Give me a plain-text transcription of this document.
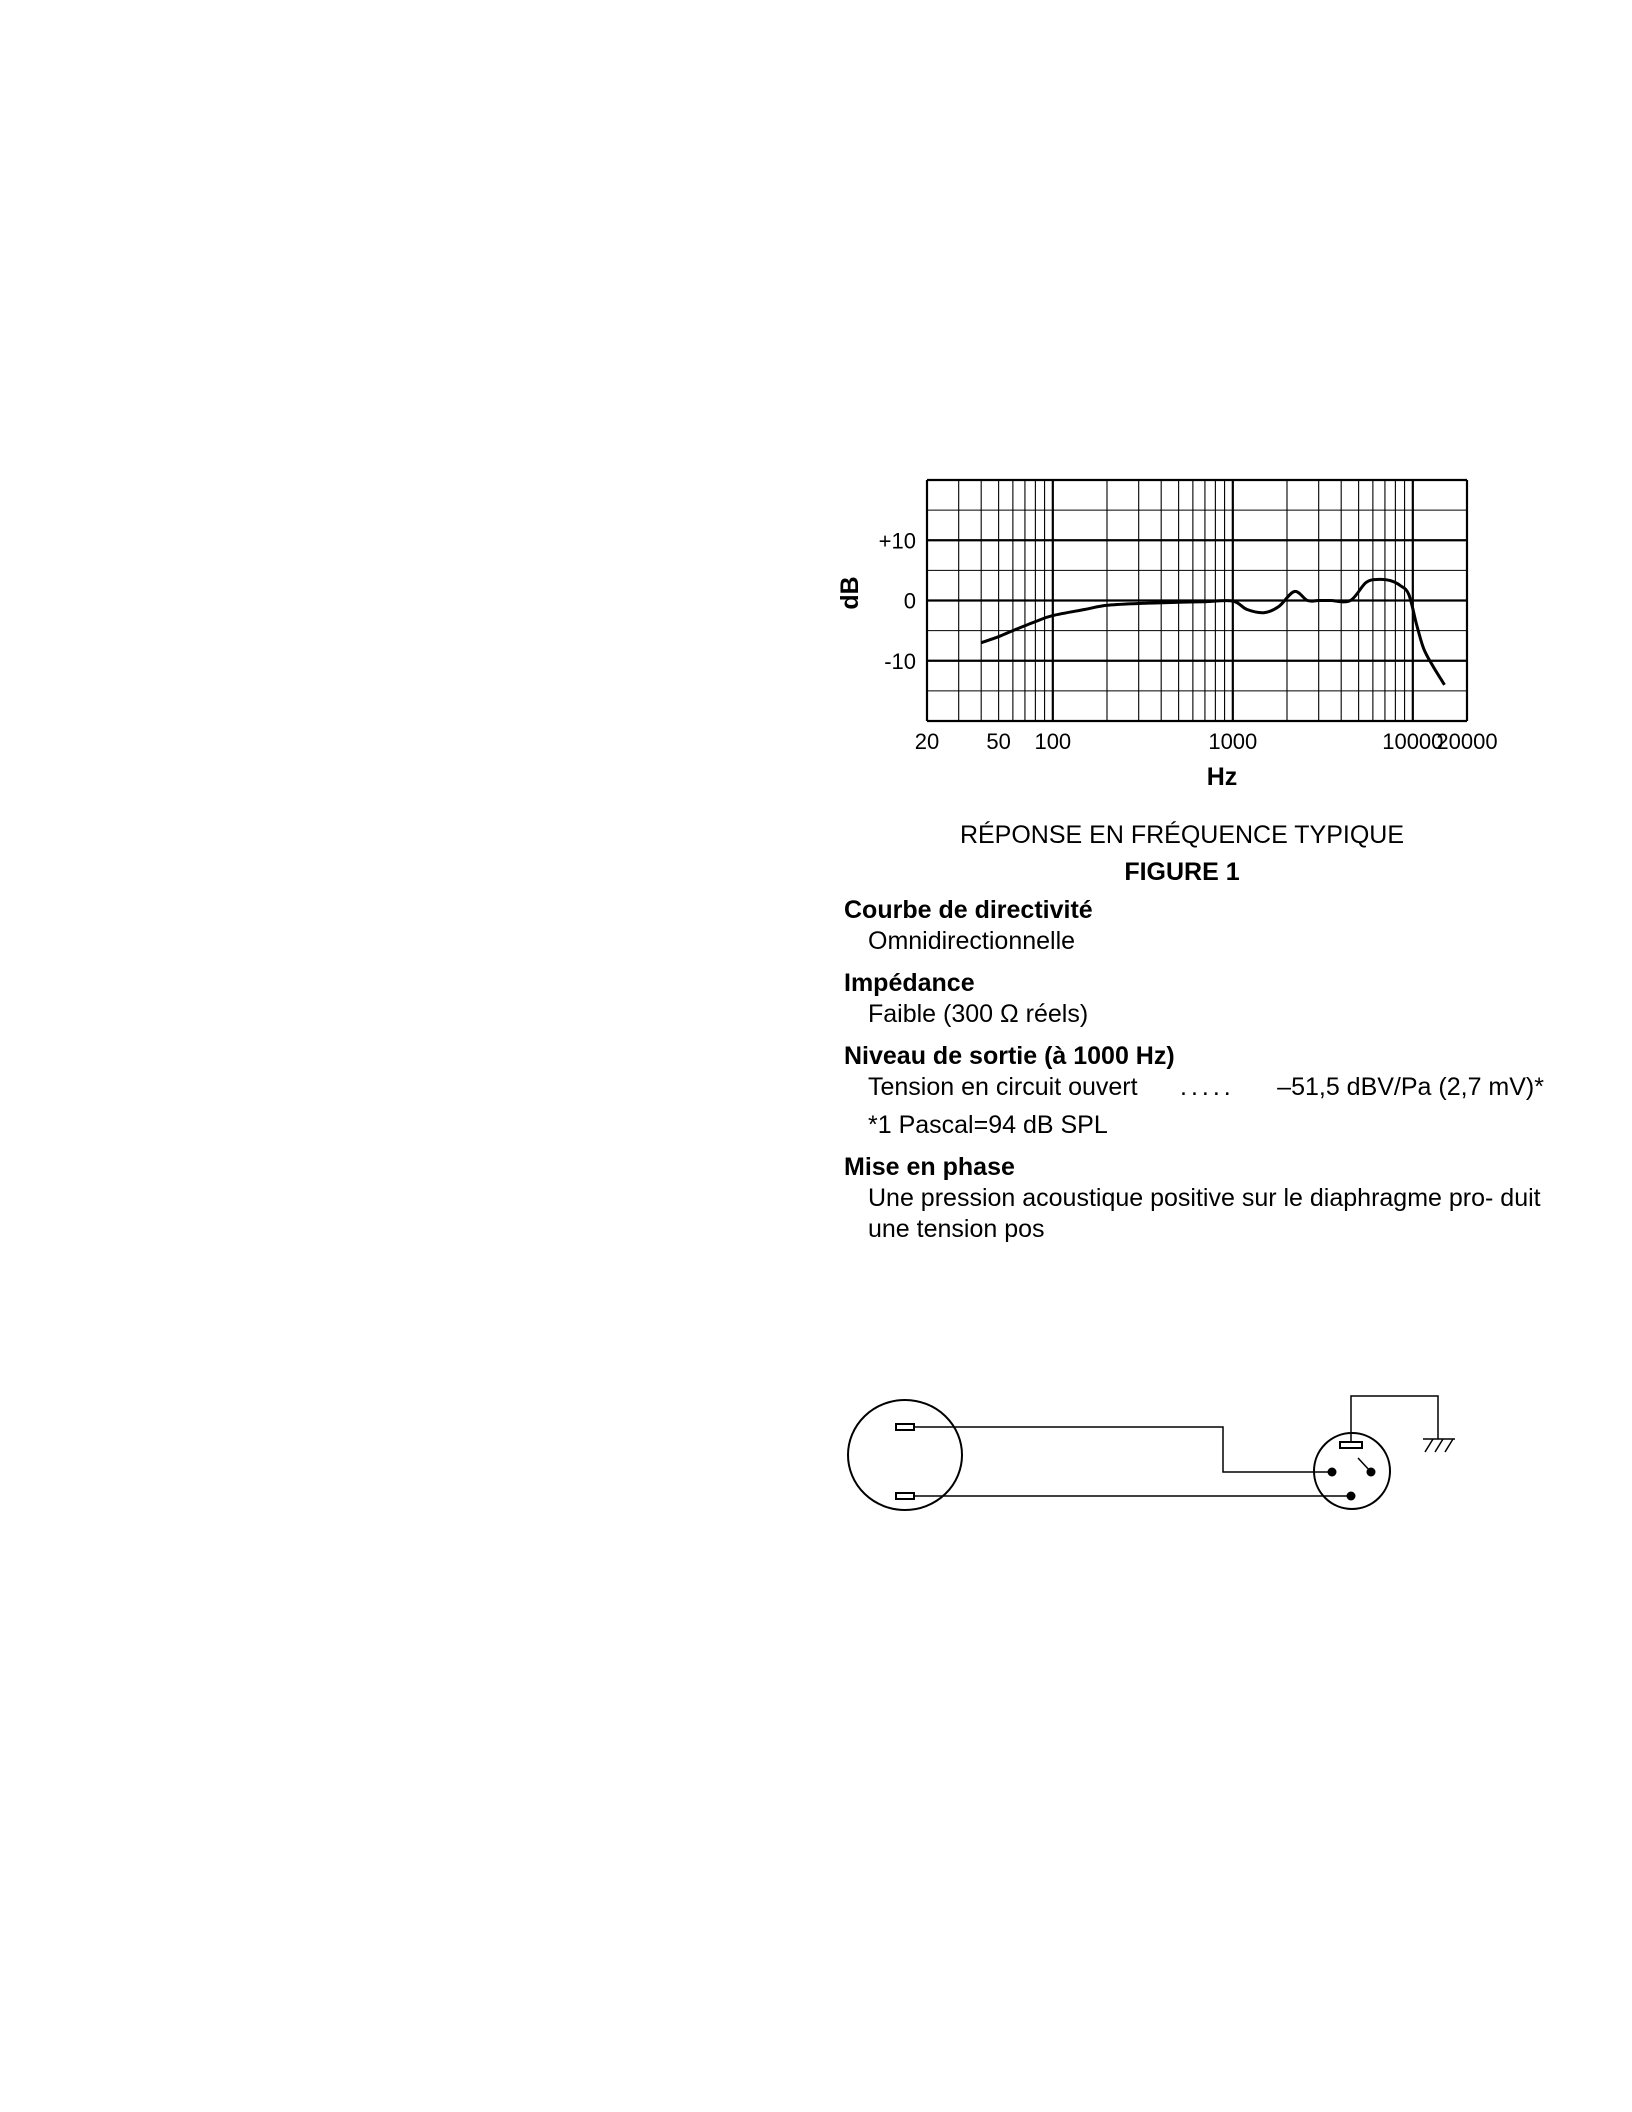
+10
0
-10
20 50 100	1000	10000
20000
dB
Hz
RÉPONSE EN FRÉQUENCE TYPIQUE
FIGURE 1
Courbe de directivité
Omnidirectionnelle
Impédance
Faible (300 Ω réels)
Niveau de sortie (à 1000 Hz)
Tension en circuit ouvert	.....	–51,5 dBV/Pa (2,7 mV)*
*1 Pascal=94 dB SPL
Mise en phase
Une pression acoustique positive sur le diaphragme pro- duit une tension pos
